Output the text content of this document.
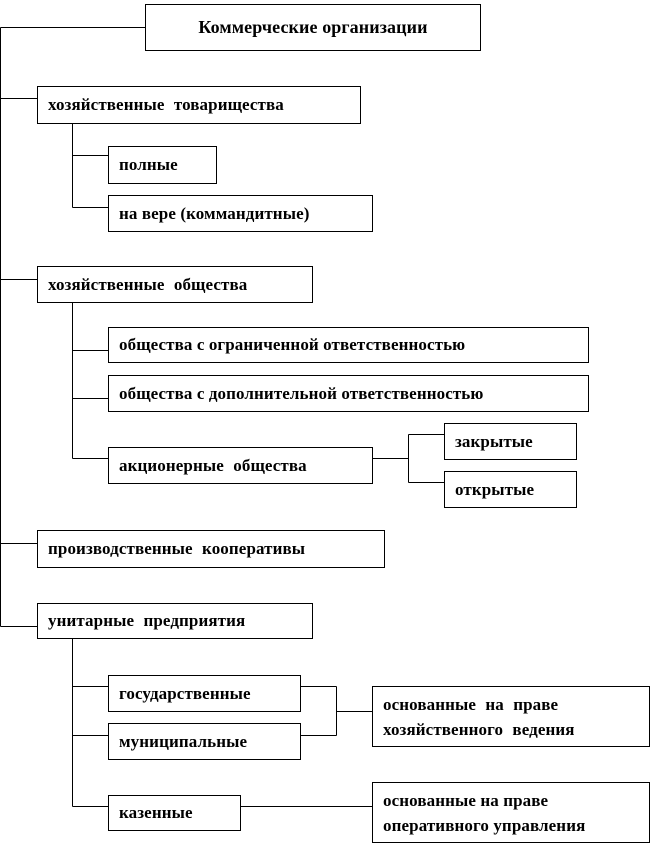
Коммерческие организации
хозяйственные товарищества
полные
на вере (коммандитные)
хозяйственные общества
общества с ограниченной ответственностью
общества с дополнительной ответственностью
акционерные общества
закрытые
открытые
производственные кооперативы
унитарные предприятия
государственные
муниципальные
казенные
основанные на праве
хозяйственного ведения
основанные на праве
оперативного управления
